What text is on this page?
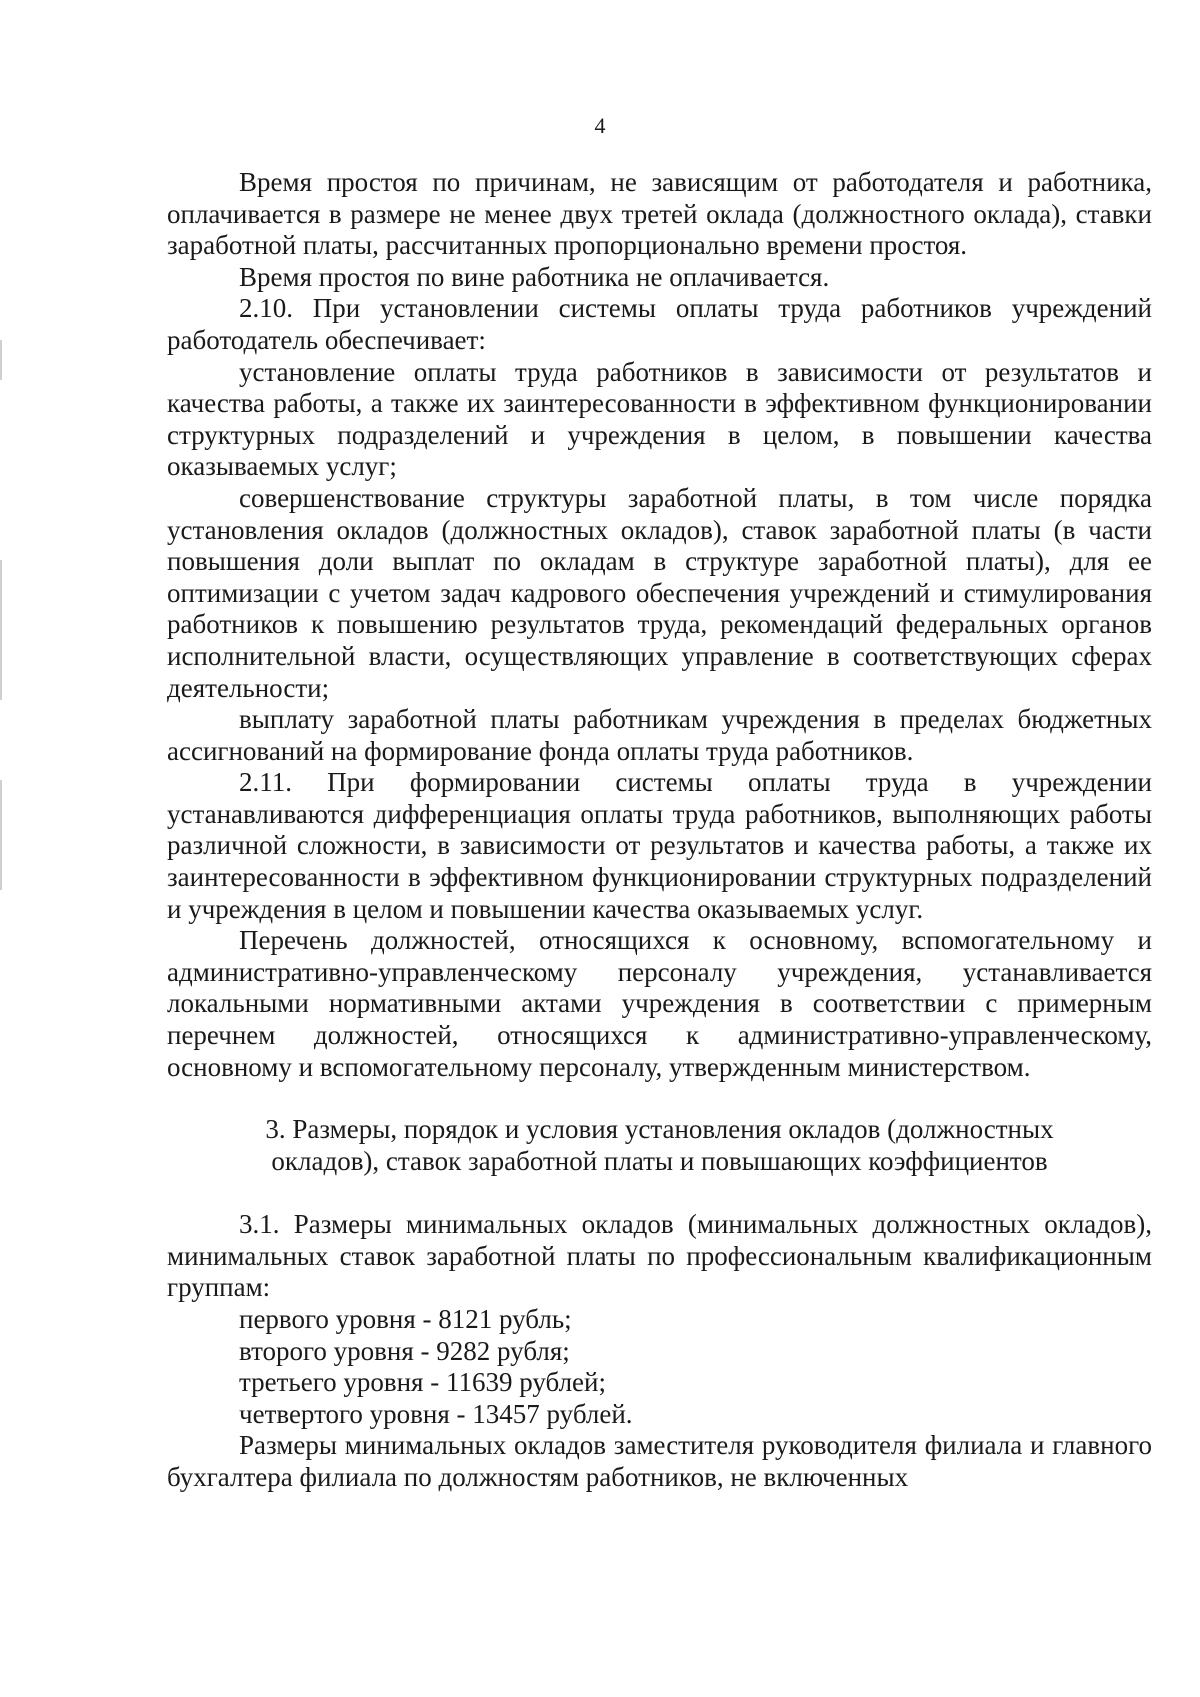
4

Время простоя по причинам, не зависящим от работодателя и работника, оплачивается в размере не менее двух третей оклада (должностного оклада), ставки заработной платы, рассчитанных пропорционально времени простоя.

Время простоя по вине работника не оплачивается.

2.10. При установлении системы оплаты труда работников учреждений работодатель обеспечивает:

установление оплаты труда работников в зависимости от результатов и качества работы, а также их заинтересованности в эффективном функционировании структурных подразделений и учреждения в целом, в повышении качества оказываемых услуг;

совершенствование структуры заработной платы, в том числе порядка установления окладов (должностных окладов), ставок заработной платы (в части повышения доли выплат по окладам в структуре заработной платы), для ее оптимизации с учетом задач кадрового обеспечения учреждений и стимулирования работников к повышению результатов труда, рекомендаций федеральных органов исполнительной власти, осуществляющих управление в соответствующих сферах деятельности;

выплату заработной платы работникам учреждения в пределах бюджетных ассигнований на формирование фонда оплаты труда работников.

2.11. При формировании системы оплаты труда в учреждении устанавливаются дифференциация оплаты труда работников, выполняющих работы различной сложности, в зависимости от результатов и качества работы, а также их заинтересованности в эффективном функционировании структурных подразделений и учреждения в целом и повышении качества оказываемых услуг.

Перечень должностей, относящихся к основному, вспомогательному и административно-управленческому персоналу учреждения, устанавливается локальными нормативными актами учреждения в соответствии с примерным перечнем должностей, относящихся к административно-управленческому, основному и вспомогательному персоналу, утвержденным министерством.

3. Размеры, порядок и условия установления окладов (должностных
окладов), ставок заработной платы и повышающих коэффициентов

3.1. Размеры минимальных окладов (минимальных должностных окладов), минимальных ставок заработной платы по профессиональным квалификационным группам:

первого уровня - 8121 рубль;

второго уровня - 9282 рубля;

третьего уровня - 11639 рублей;

четвертого уровня - 13457 рублей.

Размеры минимальных окладов заместителя руководителя филиала и главного бухгалтера филиала по должностям работников, не включенных
